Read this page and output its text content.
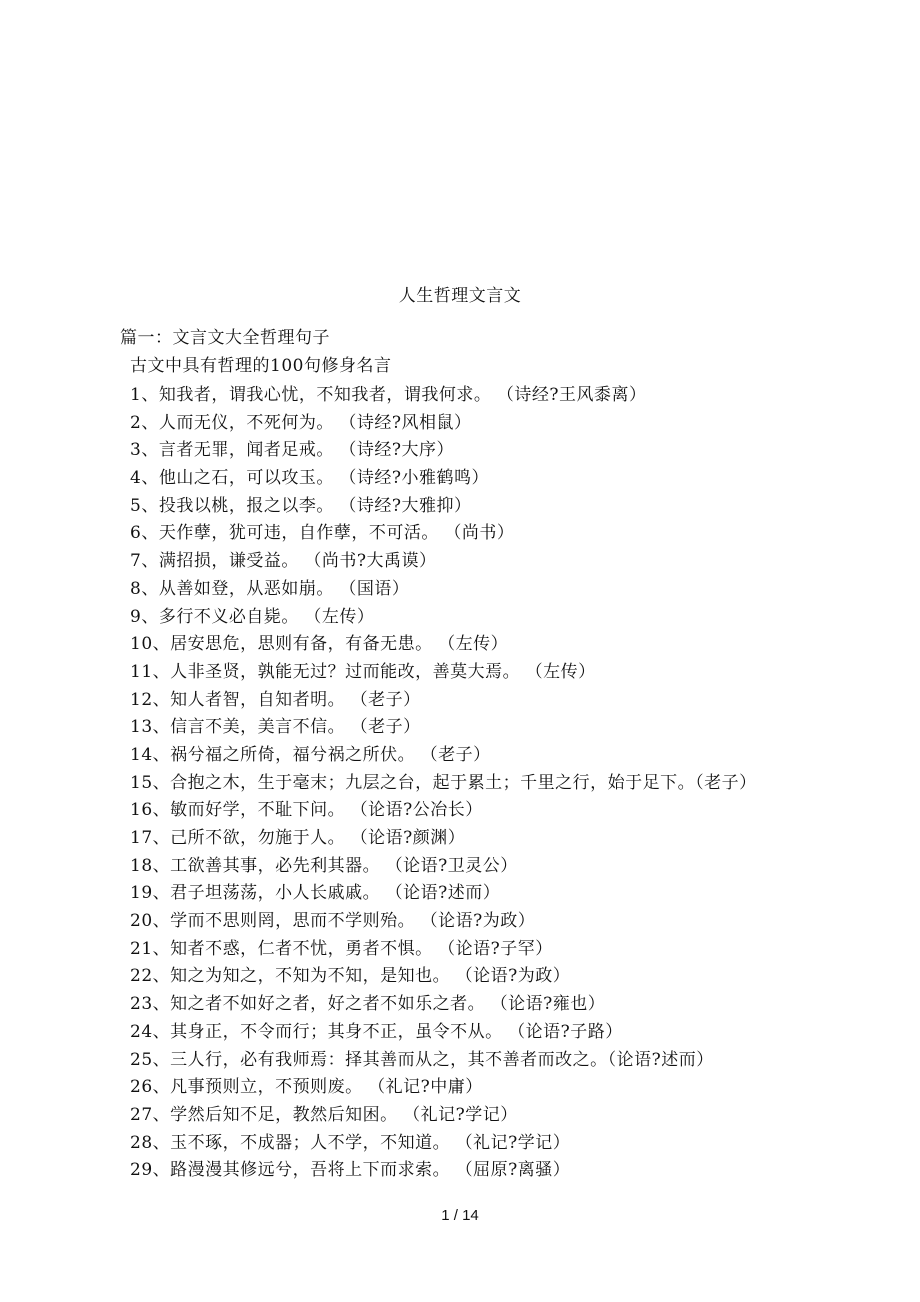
人生哲理文言文
篇一：文言文大全哲理句子
古文中具有哲理的100句修身名言
1、知我者，谓我心忧，不知我者，谓我何求。 （诗经?王风黍离）
2、人而无仪，不死何为。 （诗经?风相鼠）
3、言者无罪，闻者足戒。 （诗经?大序）
4、他山之石，可以攻玉。 （诗经?小雅鹤鸣）
5、投我以桃，报之以李。 （诗经?大雅抑）
6、天作孽，犹可违，自作孽，不可活。 （尚书）
7、满招损，谦受益。 （尚书?大禹谟）
8、从善如登，从恶如崩。 （国语）
9、多行不义必自毙。 （左传）
10、居安思危，思则有备，有备无患。 （左传）
11、人非圣贤，孰能无过？过而能改，善莫大焉。 （左传）
12、知人者智，自知者明。 （老子）
13、信言不美，美言不信。 （老子）
14、祸兮福之所倚，福兮祸之所伏。 （老子）
15、合抱之木，生于毫末；九层之台，起于累土；千里之行，始于足下。（老子）
16、敏而好学，不耻下问。 （论语?公冶长）
17、己所不欲，勿施于人。 （论语?颜渊）
18、工欲善其事，必先利其器。 （论语?卫灵公）
19、君子坦荡荡，小人长戚戚。 （论语?述而）
20、学而不思则罔，思而不学则殆。 （论语?为政）
21、知者不惑，仁者不忧，勇者不惧。 （论语?子罕）
22、知之为知之，不知为不知，是知也。 （论语?为政）
23、知之者不如好之者，好之者不如乐之者。 （论语?雍也）
24、其身正，不令而行；其身不正，虽令不从。 （论语?子路）
25、三人行，必有我师焉：择其善而从之，其不善者而改之。（论语?述而）
26、凡事预则立，不预则废。 （礼记?中庸）
27、学然后知不足，教然后知困。 （礼记?学记）
28、玉不琢，不成器；人不学，不知道。 （礼记?学记）
29、路漫漫其修远兮，吾将上下而求索。 （屈原?离骚）
1 / 14
